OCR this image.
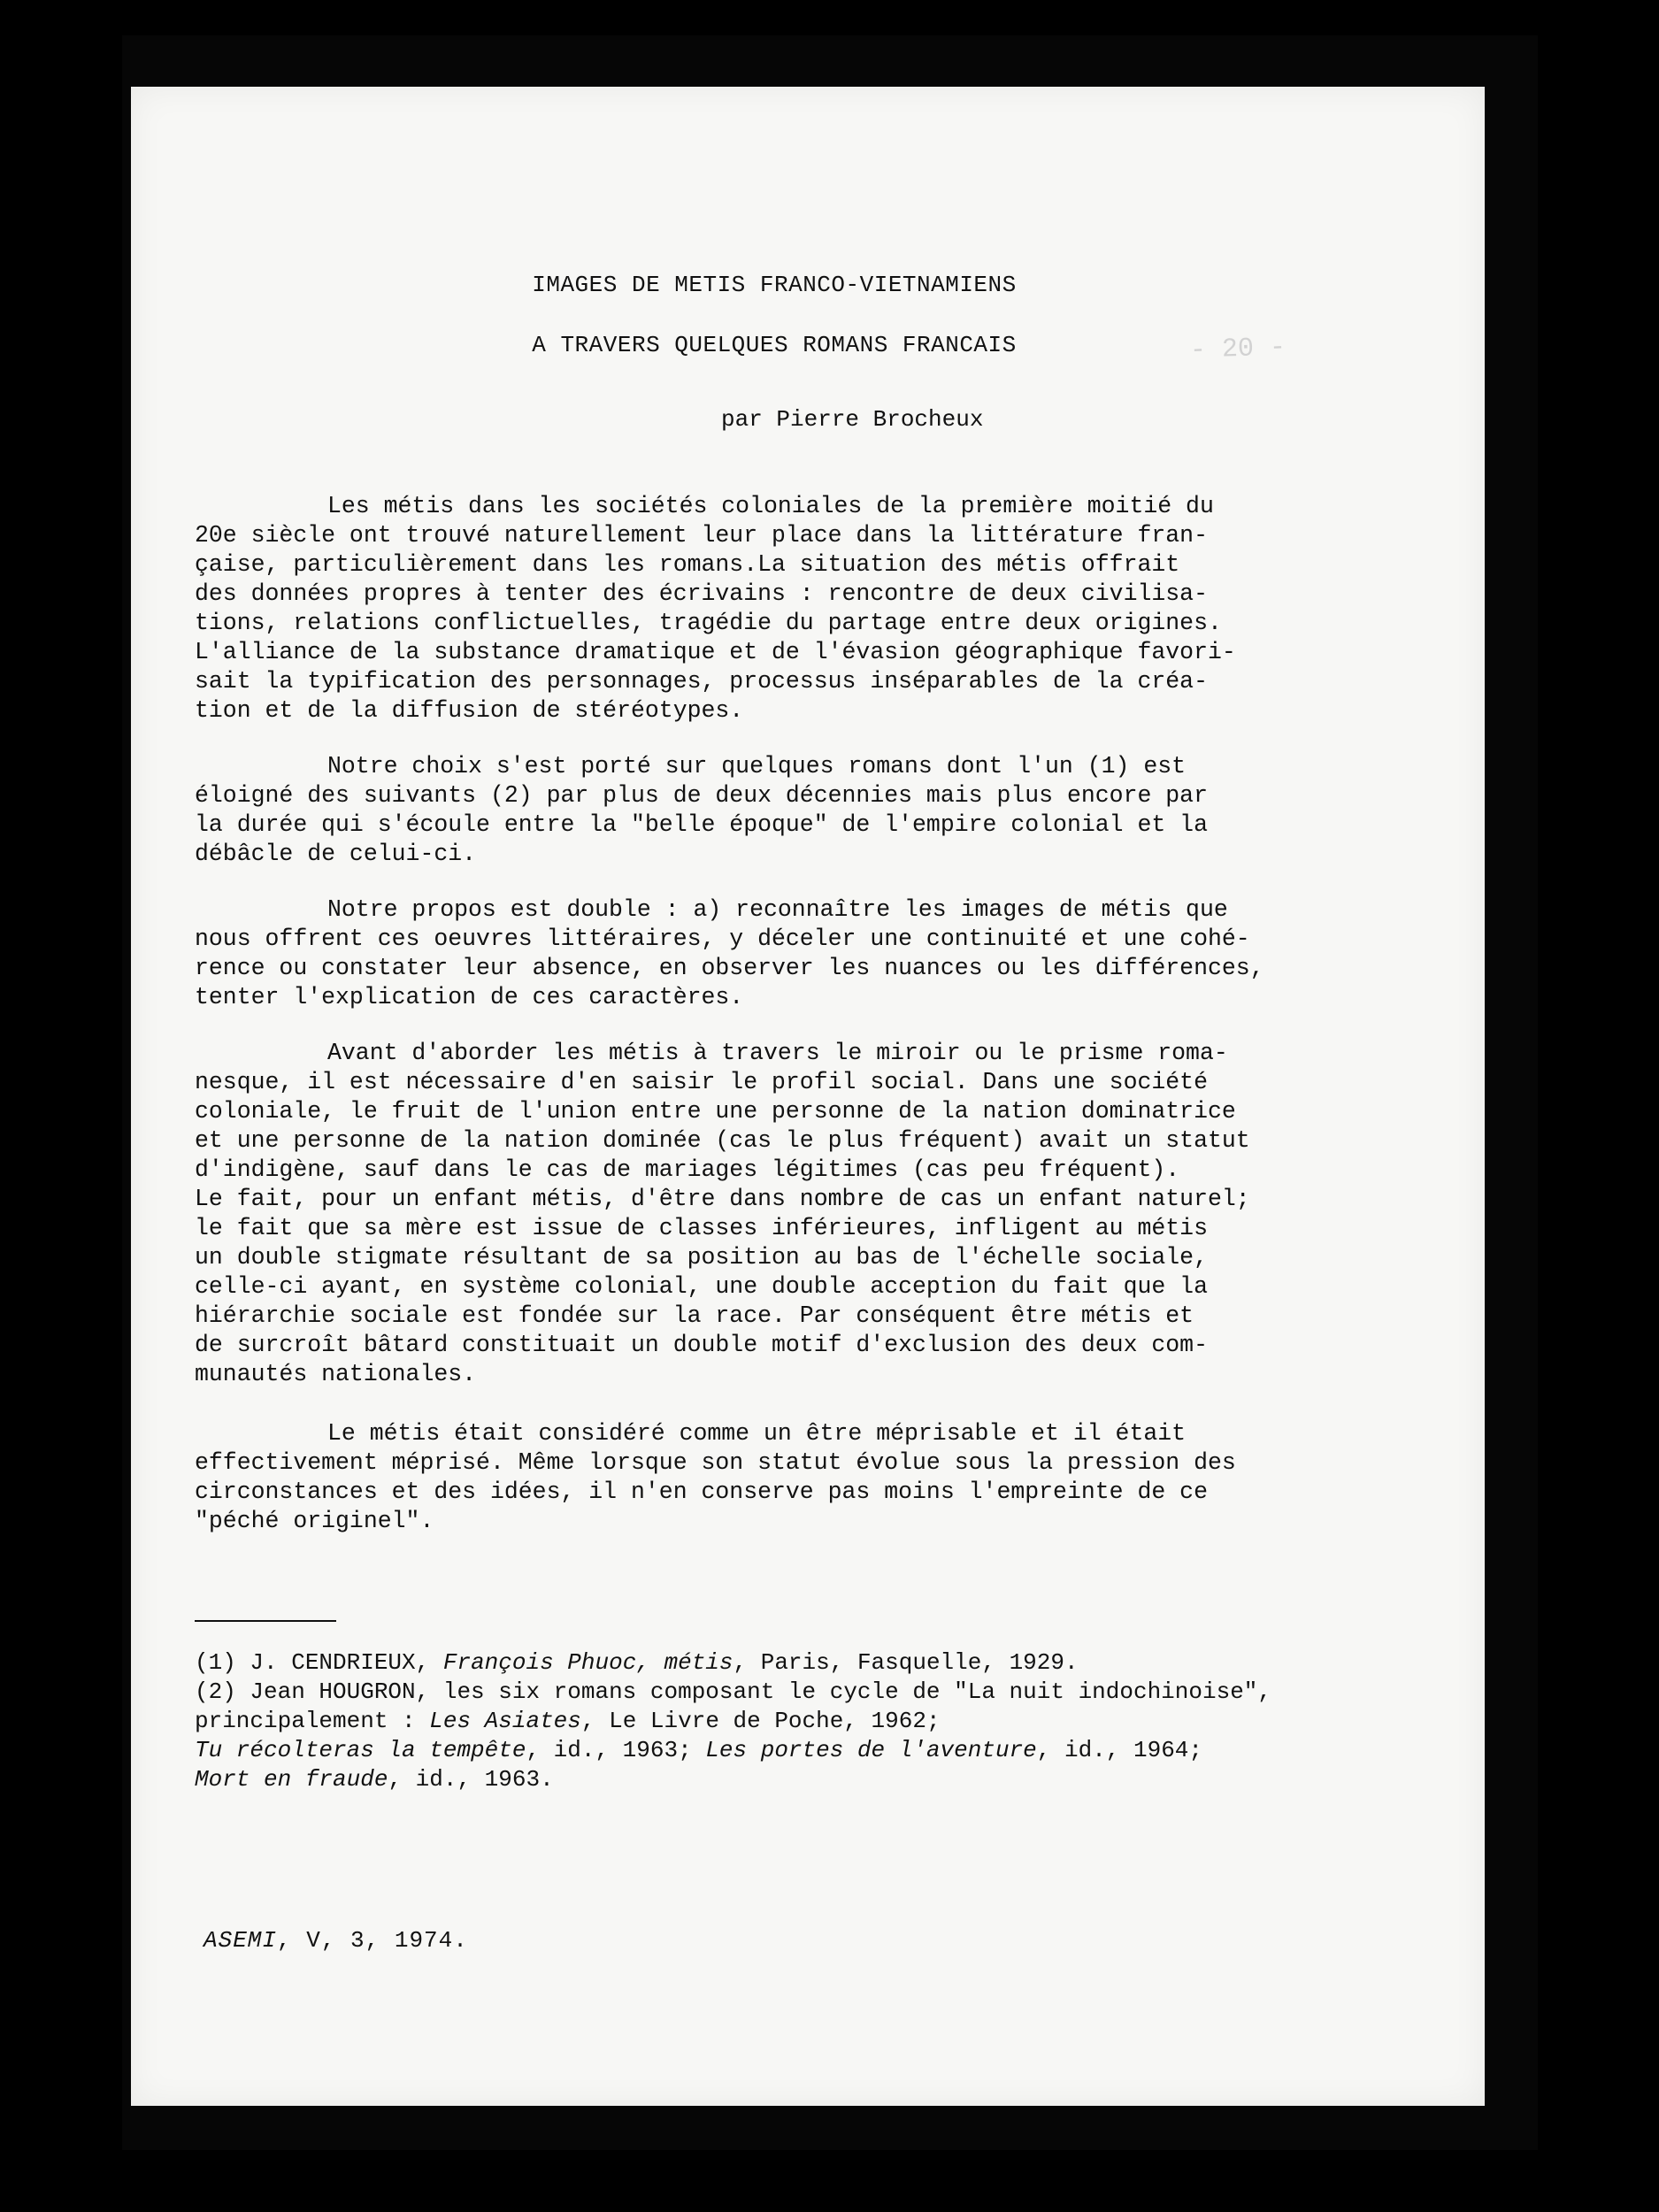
- 20 -

IMAGES DE METIS FRANCO-VIETNAMIENS

A TRAVERS QUELQUES ROMANS FRANCAIS

par Pierre Brocheux

Les métis dans les sociétés coloniales de la première moitié du
20e siècle ont trouvé naturellement leur place dans la littérature fran-
çaise, particulièrement dans les romans.La situation des métis offrait
des données propres à tenter des écrivains : rencontre de deux civilisa-
tions, relations conflictuelles, tragédie du partage entre deux origines.
L'alliance de la substance dramatique et de l'évasion géographique favori-
sait la typification des personnages, processus inséparables de la créa-
tion et de la diffusion de stéréotypes.

Notre choix s'est porté sur quelques romans dont l'un (1) est
éloigné des suivants (2) par plus de deux décennies mais plus encore par
la durée qui s'écoule entre la "belle époque" de l'empire colonial et la
débâcle de celui-ci.

Notre propos est double : a) reconnaître les images de métis que
nous offrent ces oeuvres littéraires, y déceler une continuité et une cohé-
rence ou constater leur absence, en observer les nuances ou les différences,
tenter l'explication de ces caractères.

Avant d'aborder les métis à travers le miroir ou le prisme roma-
nesque, il est nécessaire d'en saisir le profil social. Dans une société
coloniale, le fruit de l'union entre une personne de la nation dominatrice
et une personne de la nation dominée (cas le plus fréquent) avait un statut
d'indigène, sauf dans le cas de mariages légitimes (cas peu fréquent).
Le fait, pour un enfant métis, d'être dans nombre de cas un enfant naturel;
le fait que sa mère est issue de classes inférieures, infligent au métis
un double stigmate résultant de sa position au bas de l'échelle sociale,
celle-ci ayant, en système colonial, une double acception du fait que la
hiérarchie sociale est fondée sur la race. Par conséquent être métis et
de surcroît bâtard constituait un double motif d'exclusion des deux com-
munautés nationales.

Le métis était considéré comme un être méprisable et il était
effectivement méprisé. Même lorsque son statut évolue sous la pression des
circonstances et des idées, il n'en conserve pas moins l'empreinte de ce
"péché originel".

(1) J. CENDRIEUX, François Phuoc, métis, Paris, Fasquelle, 1929.

(2) Jean HOUGRON, les six romans composant le cycle de "La nuit indochinoise",

principalement : Les Asiates, Le Livre de Poche, 1962;

Tu récolteras la tempête, id., 1963; Les portes de l'aventure, id., 1964;

Mort en fraude, id., 1963.

ASEMI, V, 3, 1974.
